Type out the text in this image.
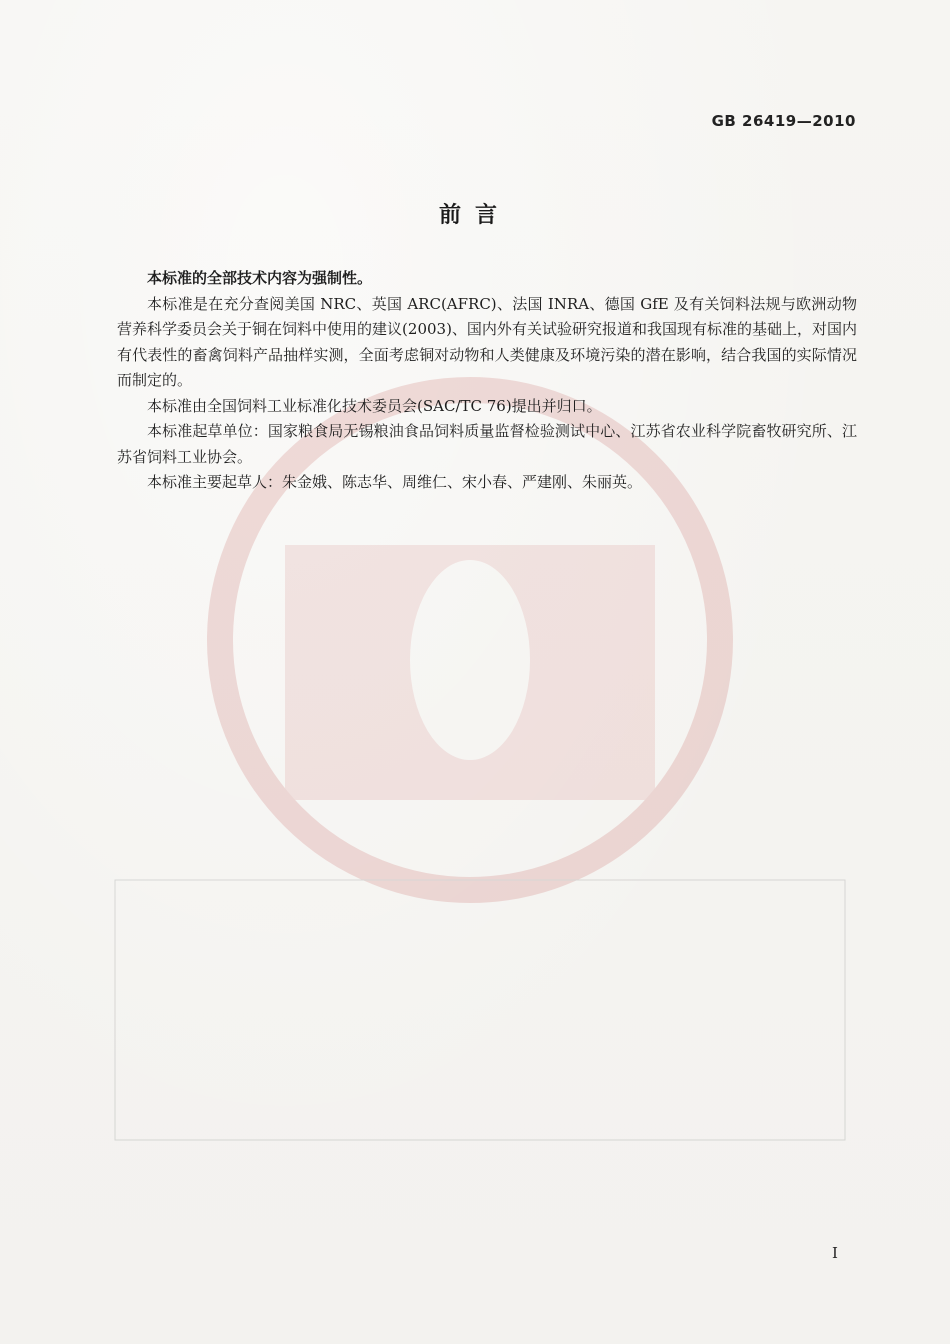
GB 26419—2010
前言

本标准的全部技术内容为强制性。

本标准是在充分查阅美国 NRC、英国 ARC(AFRC)、法国 INRA、德国 GfE 及有关饲料法规与欧洲动物营养科学委员会关于铜在饲料中使用的建议(2003)、国内外有关试验研究报道和我国现有标准的基础上，对国内有代表性的畜禽饲料产品抽样实测，全面考虑铜对动物和人类健康及环境污染的潜在影响，结合我国的实际情况而制定的。

本标准由全国饲料工业标准化技术委员会(SAC/TC 76)提出并归口。

本标准起草单位：国家粮食局无锡粮油食品饲料质量监督检验测试中心、江苏省农业科学院畜牧研究所、江苏省饲料工业协会。

本标准主要起草人：朱金娥、陈志华、周维仁、宋小春、严建刚、朱丽英。

I
